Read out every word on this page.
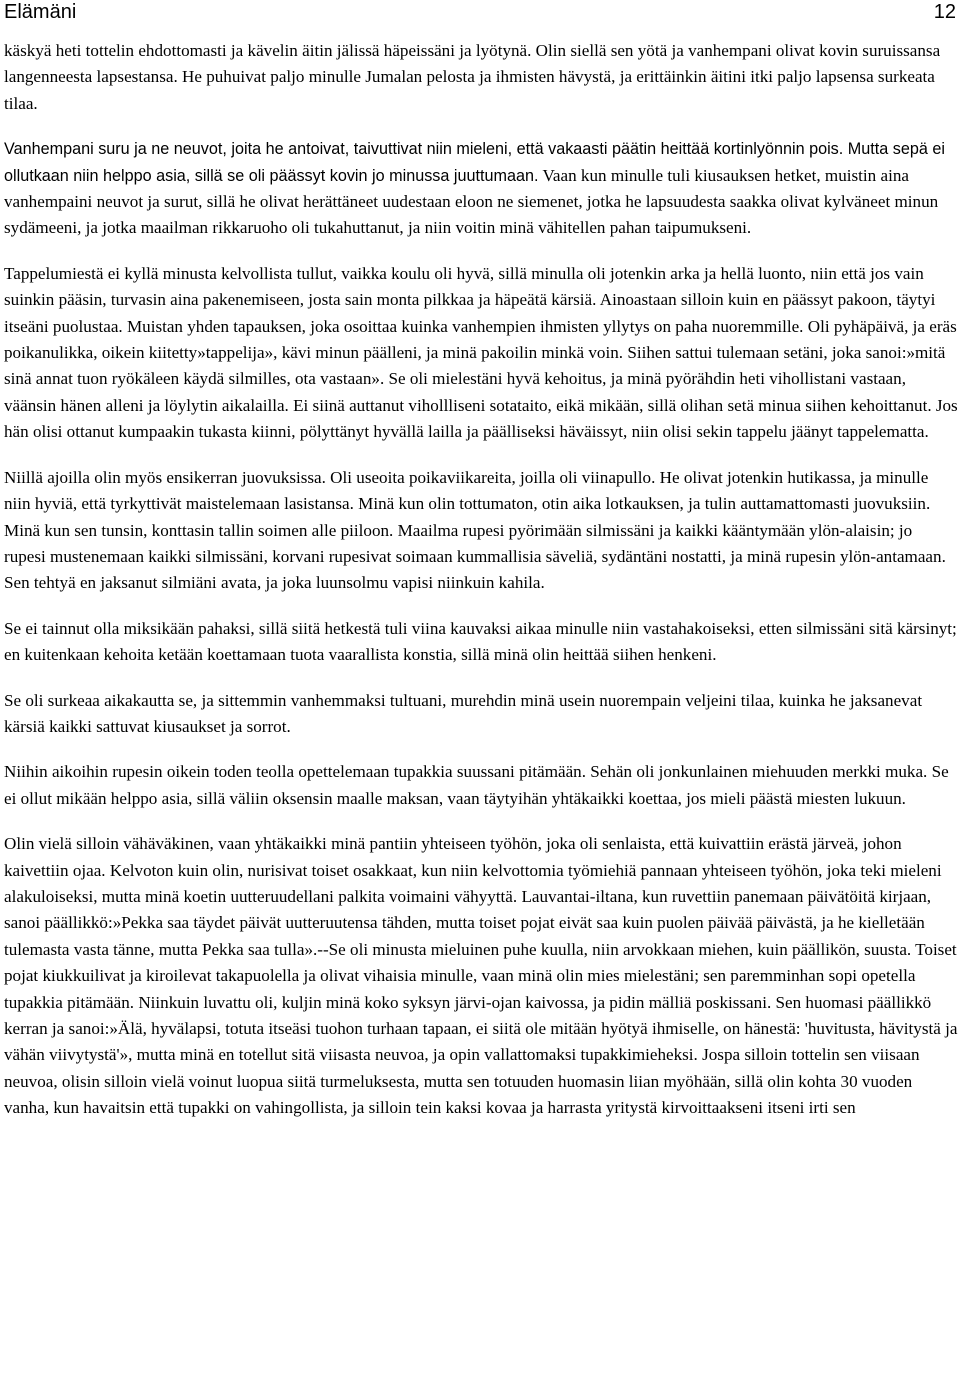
Elämäni	12

käskyä heti tottelin ehdottomasti ja kävelin äitin jälissä häpeissäni ja lyötynä. Olin siellä sen yötä ja vanhempani olivat kovin suruissansa langenneesta lapsestansa. He puhuivat paljo minulle Jumalan pelosta ja ihmisten hävystä, ja erittäinkin äitini itki paljo lapsensa surkeata tilaa.

Vanhempani suru ja ne neuvot, joita he antoivat, taivuttivat niin mieleni, että vakaasti päätin heittää kortinlyönnin pois. Mutta sepä ei ollutkaan niin helppo asia, sillä se oli päässyt kovin jo minussa juuttumaan. Vaan kun minulle tuli kiusauksen hetket, muistin aina vanhempaini neuvot ja surut, sillä he olivat herättäneet uudestaan eloon ne siemenet, jotka he lapsuudesta saakka olivat kylväneet minun sydämeeni, ja jotka maailman rikkaruoho oli tukahuttanut, ja niin voitin minä vähitellen pahan taipumukseni.

Tappelumiestä ei kyllä minusta kelvollista tullut, vaikka koulu oli hyvä, sillä minulla oli jotenkin arka ja hellä luonto, niin että jos vain suinkin pääsin, turvasin aina pakenemiseen, josta sain monta pilkkaa ja häpeätä kärsiä. Ainoastaan silloin kuin en päässyt pakoon, täytyi itseäni puolustaa. Muistan yhden tapauksen, joka osoittaa kuinka vanhempien ihmisten yllytys on paha nuoremmille. Oli pyhäpäivä, ja eräs poikanulikka, oikein kiitetty»tappelija», kävi minun päälleni, ja minä pakoilin minkä voin. Siihen sattui tulemaan setäni, joka sanoi:»mitä sinä annat tuon ryökäleen käydä silmilles, ota vastaan». Se oli mielestäni hyvä kehoitus, ja minä pyörähdin heti vihollistani vastaan, väänsin hänen alleni ja löylytin aikalailla. Ei siinä auttanut vihollliseni sotataito, eikä mikään, sillä olihan setä minua siihen kehoittanut. Jos hän olisi ottanut kumpaakin tukasta kiinni, pölyttänyt hyvällä lailla ja päälliseksi häväissyt, niin olisi sekin tappelu jäänyt tappelematta.

Niillä ajoilla olin myös ensikerran juovuksissa. Oli useoita poikaviikareita, joilla oli viinapullo. He olivat jotenkin hutikassa, ja minulle niin hyviä, että tyrkyttivät maistelemaan lasistansa. Minä kun olin tottumaton, otin aika lotkauksen, ja tulin auttamattomasti juovuksiin. Minä kun sen tunsin, konttasin tallin soimen alle piiloon. Maailma rupesi pyörimään silmissäni ja kaikki kääntymään ylön-alaisin; jo rupesi mustenemaan kaikki silmissäni, korvani rupesivat soimaan kummallisia säveliä, sydäntäni nostatti, ja minä rupesin ylön-antamaan. Sen tehtyä en jaksanut silmiäni avata, ja joka luunsolmu vapisi niinkuin kahila.

Se ei tainnut olla miksikään pahaksi, sillä siitä hetkestä tuli viina kauvaksi aikaa minulle niin vastahakoiseksi, etten silmissäni sitä kärsinyt; en kuitenkaan kehoita ketään koettamaan tuota vaarallista konstia, sillä minä olin heittää siihen henkeni.

Se oli surkeaa aikakautta se, ja sittemmin vanhemmaksi tultuani, murehdin minä usein nuorempain veljeini tilaa, kuinka he jaksanevat kärsiä kaikki sattuvat kiusaukset ja sorrot.

Niihin aikoihin rupesin oikein toden teolla opettelemaan tupakkia suussani pitämään. Sehän oli jonkunlainen miehuuden merkki muka. Se ei ollut mikään helppo asia, sillä väliin oksensin maalle maksan, vaan täytyihän yhtäkaikki koettaa, jos mieli päästä miesten lukuun.

Olin vielä silloin vähäväkinen, vaan yhtäkaikki minä pantiin yhteiseen työhön, joka oli senlaista, että kuivattiin erästä järveä, johon kaivettiin ojaa. Kelvoton kuin olin, nurisivat toiset osakkaat, kun niin kelvottomia työmiehiä pannaan yhteiseen työhön, joka teki mieleni alakuloiseksi, mutta minä koetin uutteruudellani palkita voimaini vähyyttä. Lauvantai-iltana, kun ruvettiin panemaan päivätöitä kirjaan, sanoi päällikkö:»Pekka saa täydet päivät uutteruutensa tähden, mutta toiset pojat eivät saa kuin puolen päivää päivästä, ja he kielletään tulemasta vasta tänne, mutta Pekka saa tulla».--Se oli minusta mieluinen puhe kuulla, niin arvokkaan miehen, kuin päällikön, suusta. Toiset pojat kiukkuilivat ja kiroilevat takapuolella ja olivat vihaisia minulle, vaan minä olin mies mielestäni; sen paremminhan sopi opetella tupakkia pitämään. Niinkuin luvattu oli, kuljin minä koko syksyn järvi-ojan kaivossa, ja pidin mälliä poskissani. Sen huomasi päällikkö kerran ja sanoi:»Älä, hyvälapsi, totuta itseäsi tuohon turhaan tapaan, ei siitä ole mitään hyötyä ihmiselle, on hänestä: 'huvitusta, hävitystä ja vähän viivytystä'», mutta minä en totellut sitä viisasta neuvoa, ja opin vallattomaksi tupakkimieheksi. Jospa silloin tottelin sen viisaan neuvoa, olisin silloin vielä voinut luopua siitä turmeluksesta, mutta sen totuuden huomasin liian myöhään, sillä olin kohta 30 vuoden vanha, kun havaitsin että tupakki on vahingollista, ja silloin tein kaksi kovaa ja harrasta yritystä kirvoittaakseni itseni irti sen
